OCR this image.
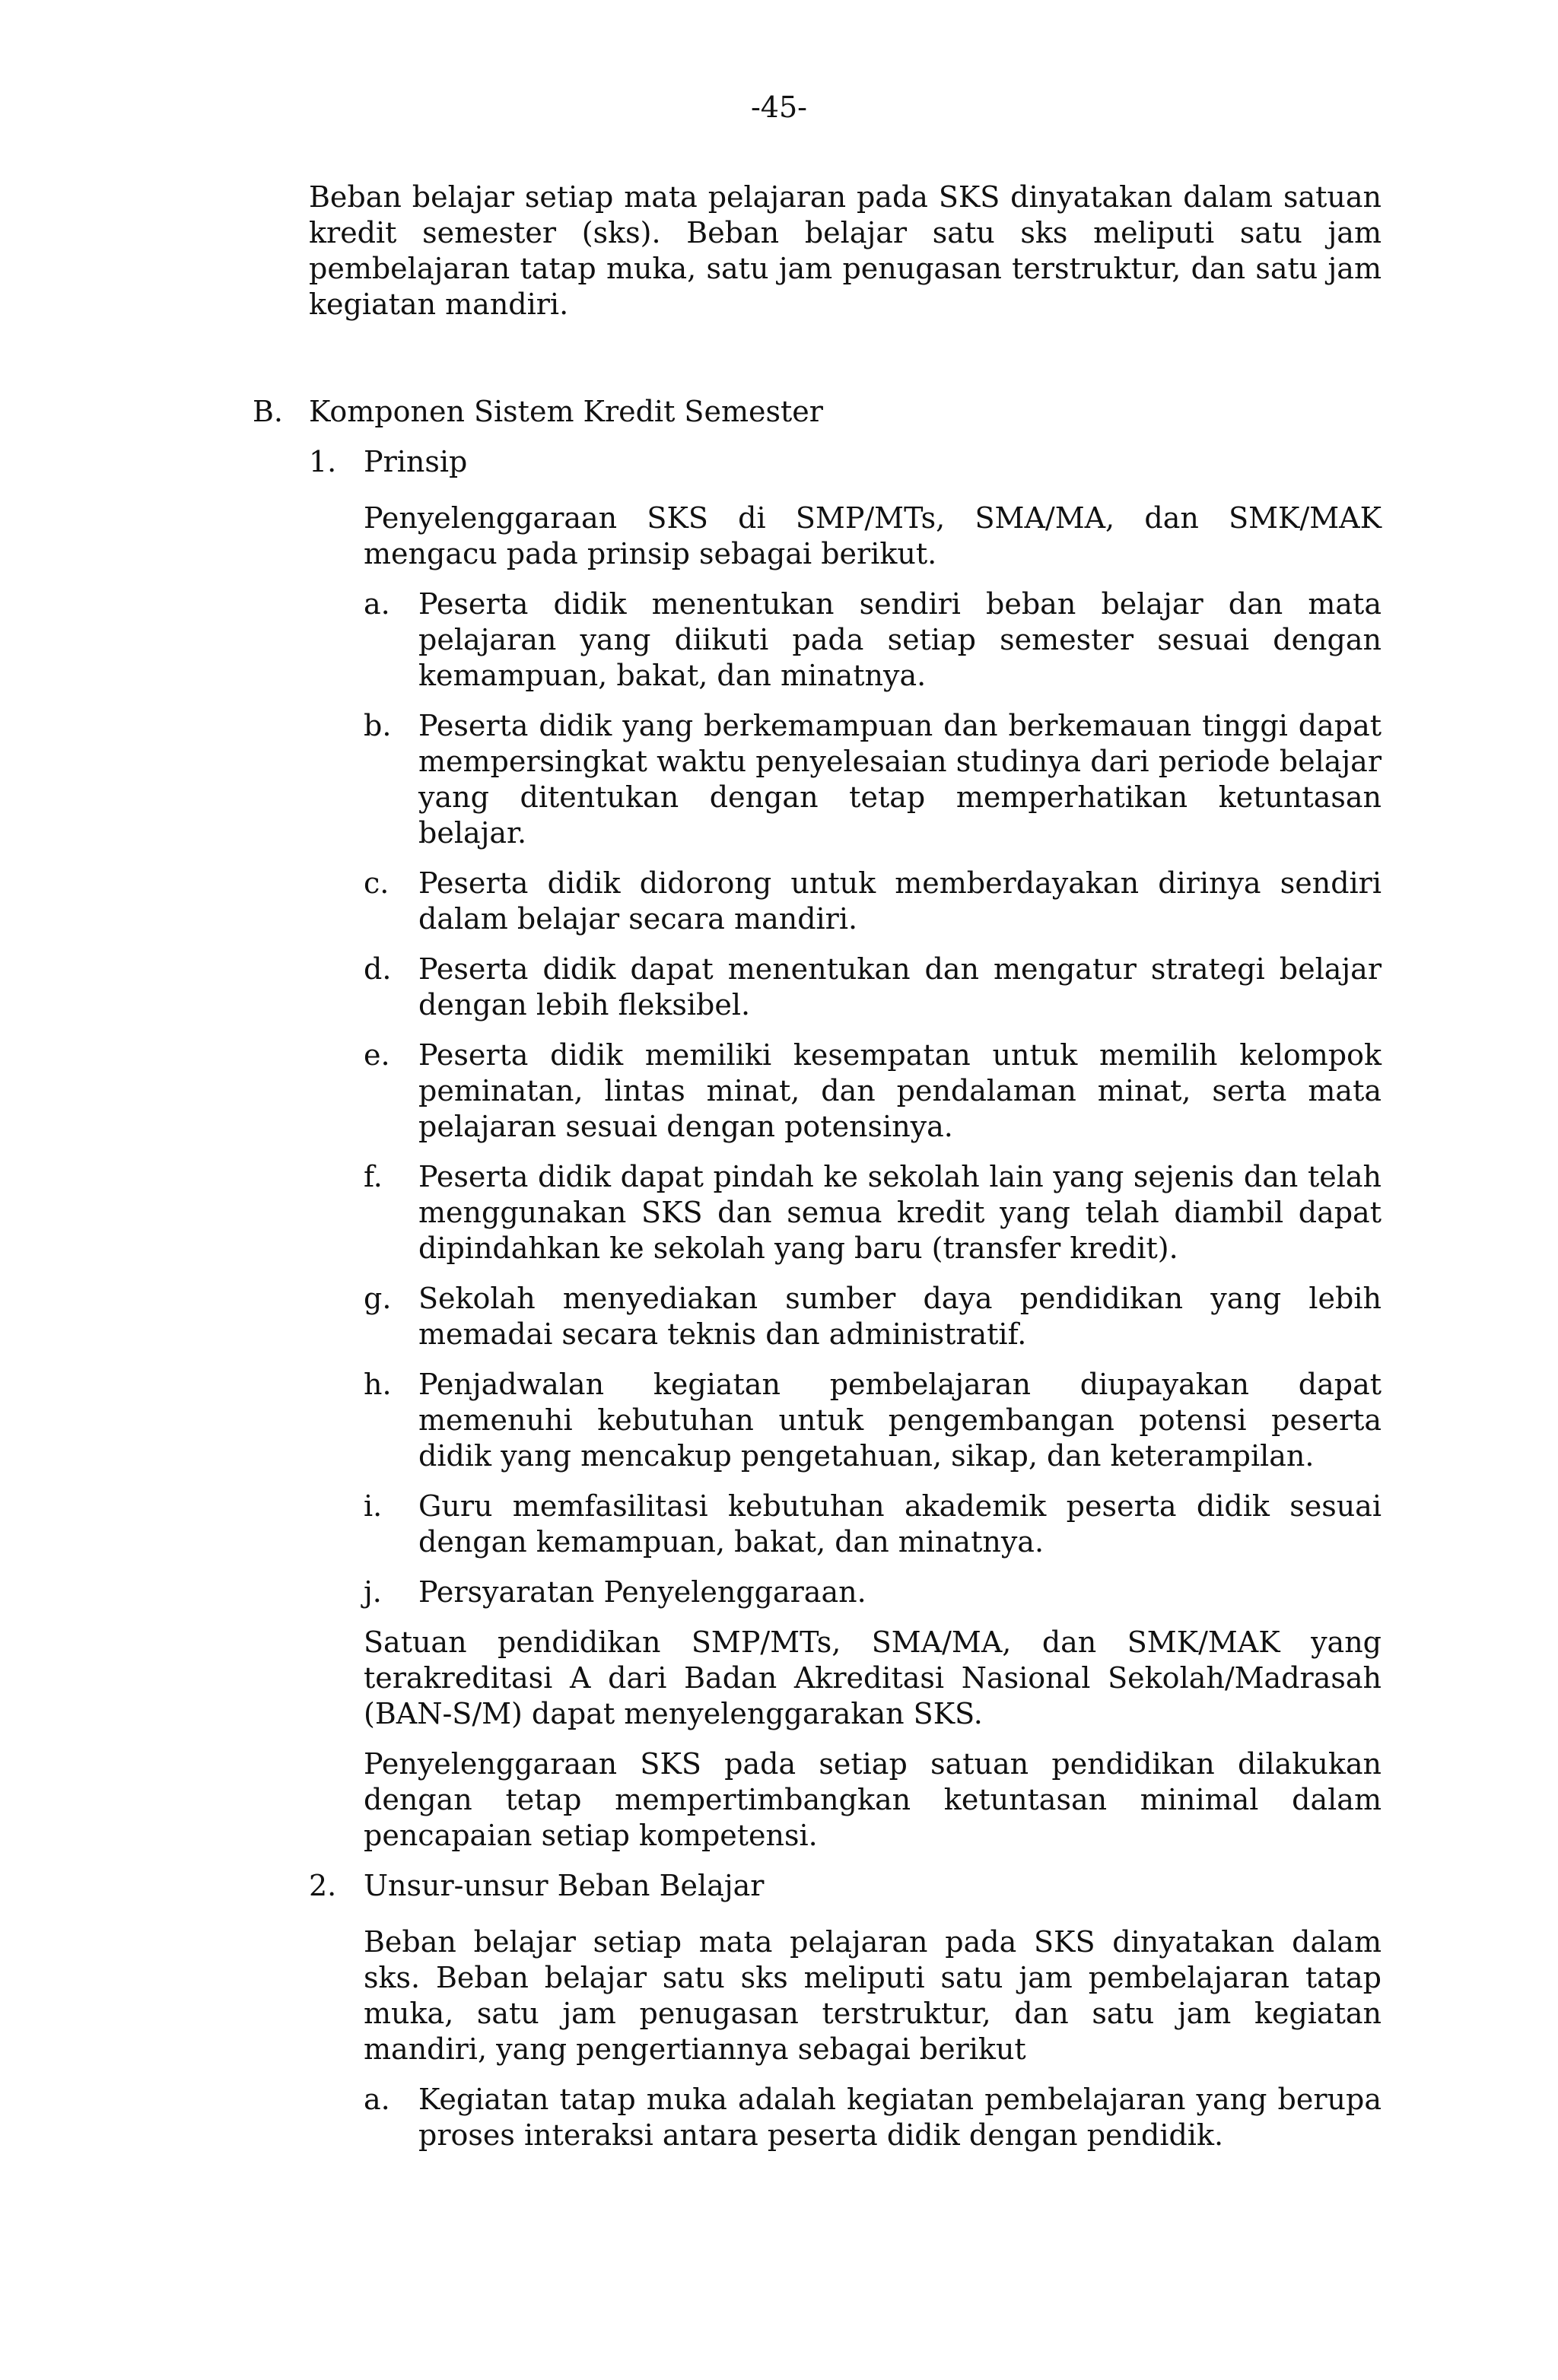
-45-

Beban belajar setiap mata pelajaran pada SKS dinyatakan dalam satuan kredit semester (sks). Beban belajar satu sks meliputi satu jam pembelajaran tatap muka, satu jam penugasan terstruktur, dan satu jam kegiatan mandiri.

B. Komponen Sistem Kredit Semester
1. Prinsip

Penyelenggaraan SKS di SMP/MTs, SMA/MA, dan SMK/MAK mengacu pada prinsip sebagai berikut.

a. Peserta didik menentukan sendiri beban belajar dan mata pelajaran yang diikuti pada setiap semester sesuai dengan kemampuan, bakat, dan minatnya.
b. Peserta didik yang berkemampuan dan berkemauan tinggi dapat mempersingkat waktu penyelesaian studinya dari periode belajar yang ditentukan dengan tetap memperhatikan ketuntasan belajar.
c.	Peserta didik didorong untuk memberdayakan dirinya sendiri dalam belajar secara mandiri.
d. Peserta didik dapat menentukan dan mengatur strategi belajar dengan lebih fleksibel.
e. Peserta didik memiliki kesempatan untuk memilih kelompok peminatan, lintas minat, dan pendalaman minat, serta mata pelajaran sesuai dengan potensinya.
f.	Peserta didik dapat pindah ke sekolah lain yang sejenis dan telah menggunakan SKS dan semua kredit yang telah diambil dapat dipindahkan ke sekolah yang baru (transfer kredit).
g. Sekolah menyediakan sumber daya pendidikan yang lebih memadai secara teknis dan administratif.
h. Penjadwalan kegiatan pembelajaran diupayakan dapat memenuhi kebutuhan untuk pengembangan potensi peserta didik yang mencakup pengetahuan, sikap, dan keterampilan.
i.	Guru memfasilitasi kebutuhan akademik peserta didik sesuai dengan kemampuan, bakat, dan minatnya.
j.	Persyaratan Penyelenggaraan.

Satuan pendidikan SMP/MTs, SMA/MA, dan SMK/MAK yang terakreditasi A dari Badan Akreditasi Nasional Sekolah/Madrasah (BAN-S/M) dapat menyelenggarakan SKS.

Penyelenggaraan SKS pada setiap satuan pendidikan dilakukan dengan tetap mempertimbangkan ketuntasan minimal dalam pencapaian setiap kompetensi.

2. Unsur-unsur Beban Belajar

Beban belajar setiap mata pelajaran pada SKS dinyatakan dalam sks. Beban belajar satu sks meliputi satu jam pembelajaran tatap muka, satu jam penugasan terstruktur, dan satu jam kegiatan mandiri, yang pengertiannya sebagai berikut

a. Kegiatan tatap muka adalah kegiatan pembelajaran yang berupa proses interaksi antara peserta didik dengan pendidik.
